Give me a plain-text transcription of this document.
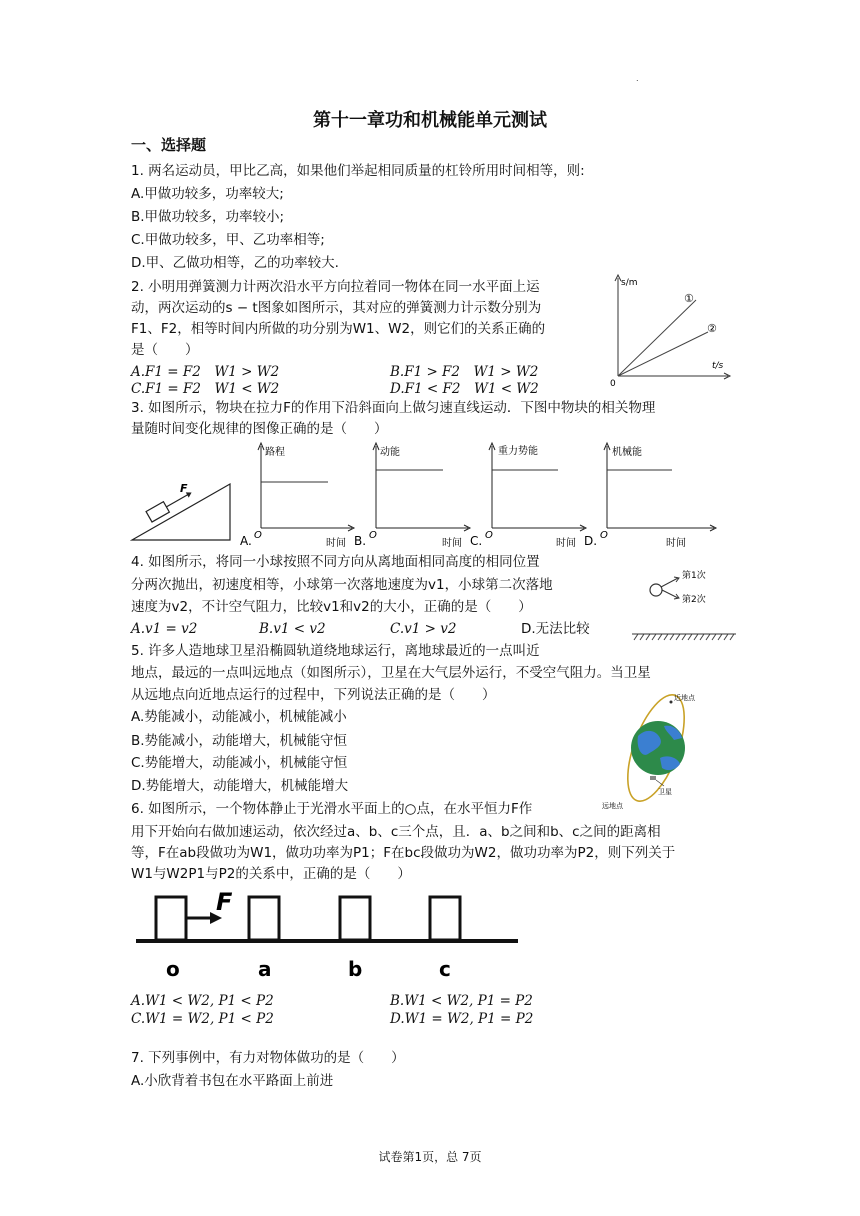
.
第十一章功和机械能单元测试
一、选择题
1. 两名运动员，甲比乙高，如果他们举起相同质量的杠铃所用时间相等，则:
A.甲做功较多，功率较大;
B.甲做功较多，功率较小;
C.甲做功较多，甲、乙功率相等;
D.甲、乙做功相等，乙的功率较大.
2. 小明用弹簧测力计两次沿水平方向拉着同一物体在同一水平面上运
动，两次运动的s − t图象如图所示，其对应的弹簧测力计示数分别为
F1、F2，相等时间内所做的功分别为W1、W2，则它们的关系正确的
是（　　）
A.F1 = F2　W1 > W2	B.F1 > F2　W1 > W2
C.F1 = F2　W1 < W2	D.F1 < F2　W1 < W2
s/m
t/s
0
①
②
3. 如图所示，物块在拉力F的作用下沿斜面向上做匀速直线运动．下图中物块的相关物理
量随时间变化规律的图像正确的是（　　）
F
路程
时间
O
A.
动能
时间
O
B.
重力势能
时间
O
C.
机械能
时间
O
D.
4. 如图所示，将同一小球按照不同方向从离地面相同高度的相同位置
分两次抛出，初速度相等，小球第一次落地速度为v1，小球第二次落地
速度为v2，不计空气阻力，比较v1和v2的大小，正确的是（　　）
A.v1 = v2	B.v1 < v2	C.v1 > v2	D.无法比较
第1次
第2次
5. 许多人造地球卫星沿椭圆轨道绕地球运行，离地球最近的一点叫近
地点，最远的一点叫远地点（如图所示），卫星在大气层外运行，不受空气阻力。当卫星
从远地点向近地点运行的过程中，下列说法正确的是（　　）
A.势能减小，动能减小，机械能减小
B.势能减小，动能增大，机械能守恒
C.势能增大，动能减小，机械能守恒
D.势能增大，动能增大，机械能增大
近地点
远地点
卫星
6. 如图所示，一个物体静止于光滑水平面上的○点，在水平恒力F作
用下开始向右做加速运动，依次经过a、b、c三个点，且．a、b之间和b、c之间的距离相
等，F在ab段做功为W1，做功功率为P1；F在bc段做功为W2，做功功率为P2，则下列关于
W1与W2P1与P2的关系中，正确的是（　　）
F
o	a	b	c
A.W1 < W2, P1 < P2	B.W1 < W2, P1 = P2
C.W1 = W2, P1 < P2	D.W1 = W2, P1 = P2
7. 下列事例中，有力对物体做功的是（　　）
A.小欣背着书包在水平路面上前进
试卷第1页，总 7页
